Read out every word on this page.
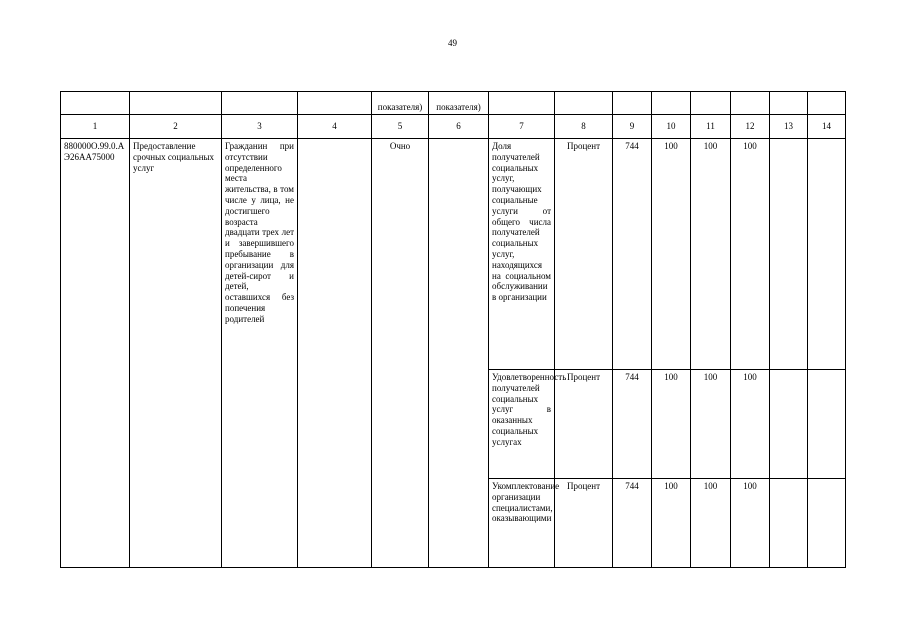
49
				показателя)	показателя)								
1	2	3	4	5	6	7	8	9	10	11	12	13	14
880000О.99.0.АЭ26АА75000	Предоставление срочных социальных услуг	Гражданин при отсутствии определенного места жительства, в том числе у лица, не достигшего возраста двадцати трех лет и завершившего пребывание в организации для детей-сирот и детей, оставшихся без попечения родителей		Очно		Доля получателей социальных услуг, получающих социальные услуги от общего числа получателей социальных услуг, находящихся на социальном обслуживании в организации	Процент	744	100	100	100		
						Удовлетворенность получателей социальных услуг в оказанных социальных услугах	Процент	744	100	100	100		
						Укомплектование организации специалистами, оказывающими	Процент	744	100	100	100		
